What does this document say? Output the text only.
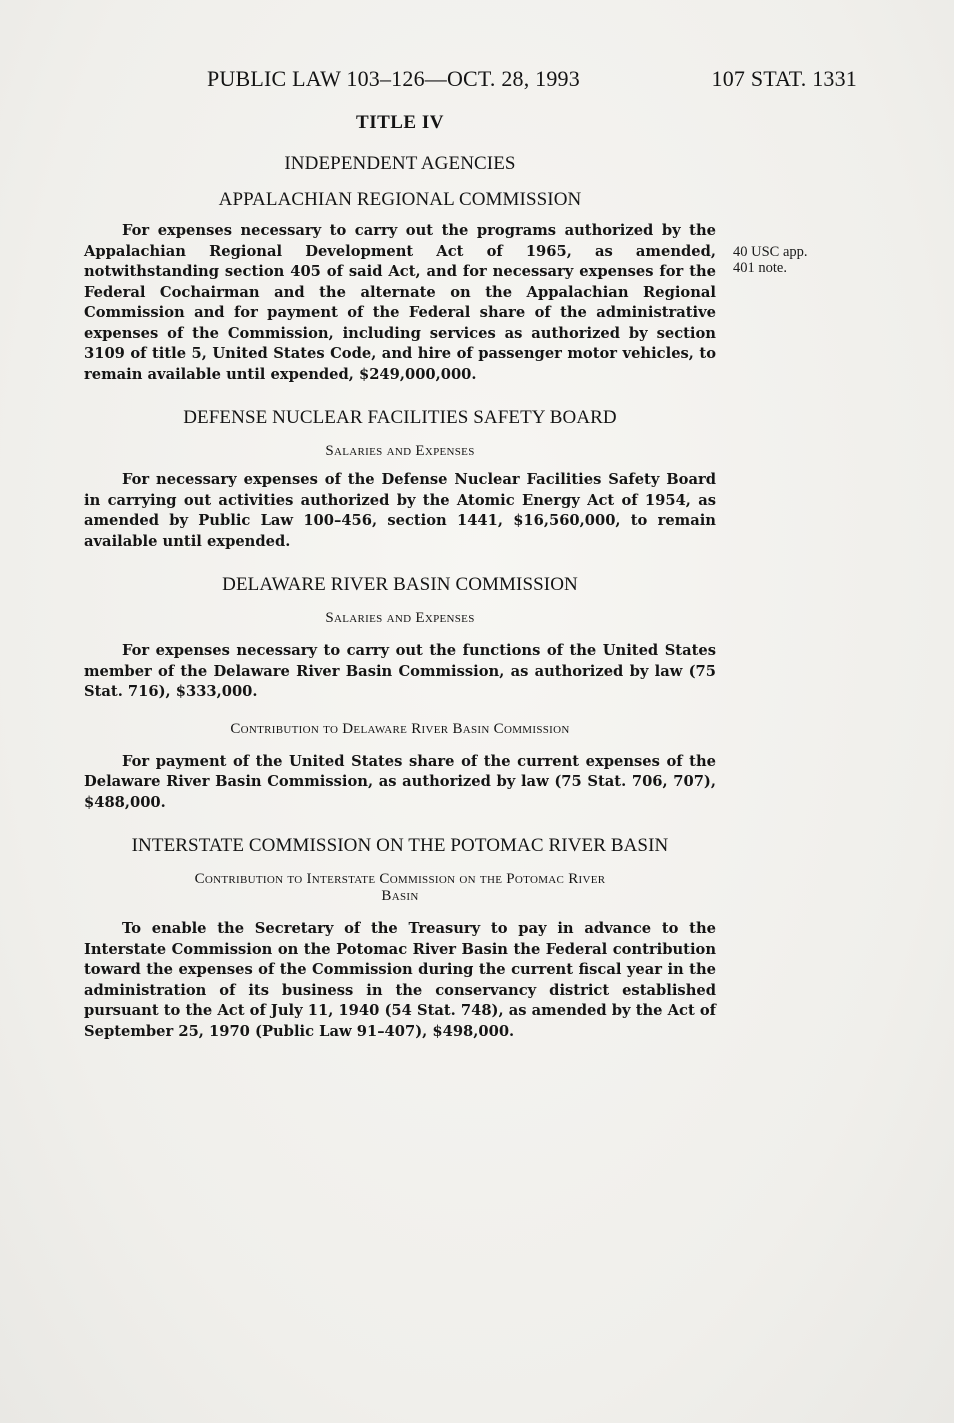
PUBLIC LAW 103–126—OCT. 28, 1993	107 STAT. 1331
40 USC app.
401 note.
TITLE IV
INDEPENDENT AGENCIES
APPALACHIAN REGIONAL COMMISSION
For expenses necessary to carry out the programs authorized by the Appalachian Regional Development Act of 1965, as amended, notwithstanding section 405 of said Act, and for necessary expenses for the Federal Cochairman and the alternate on the Appalachian Regional Commission and for payment of the Federal share of the administrative expenses of the Commission, including services as authorized by section 3109 of title 5, United States Code, and hire of passenger motor vehicles, to remain available until expended, $249,000,000.
DEFENSE NUCLEAR FACILITIES SAFETY BOARD
Salaries and Expenses
For necessary expenses of the Defense Nuclear Facilities Safety Board in carrying out activities authorized by the Atomic Energy Act of 1954, as amended by Public Law 100–456, section 1441, $16,560,000, to remain available until expended.
DELAWARE RIVER BASIN COMMISSION
Salaries and Expenses
For expenses necessary to carry out the functions of the United States member of the Delaware River Basin Commission, as authorized by law (75 Stat. 716), $333,000.
Contribution to Delaware River Basin Commission
For payment of the United States share of the current expenses of the Delaware River Basin Commission, as authorized by law (75 Stat. 706, 707), $488,000.
INTERSTATE COMMISSION ON THE POTOMAC RIVER BASIN
Contribution to Interstate Commission on the Potomac River
Basin
To enable the Secretary of the Treasury to pay in advance to the Interstate Commission on the Potomac River Basin the Federal contribution toward the expenses of the Commission during the current fiscal year in the administration of its business in the conservancy district established pursuant to the Act of July 11, 1940 (54 Stat. 748), as amended by the Act of September 25, 1970 (Public Law 91–407), $498,000.
